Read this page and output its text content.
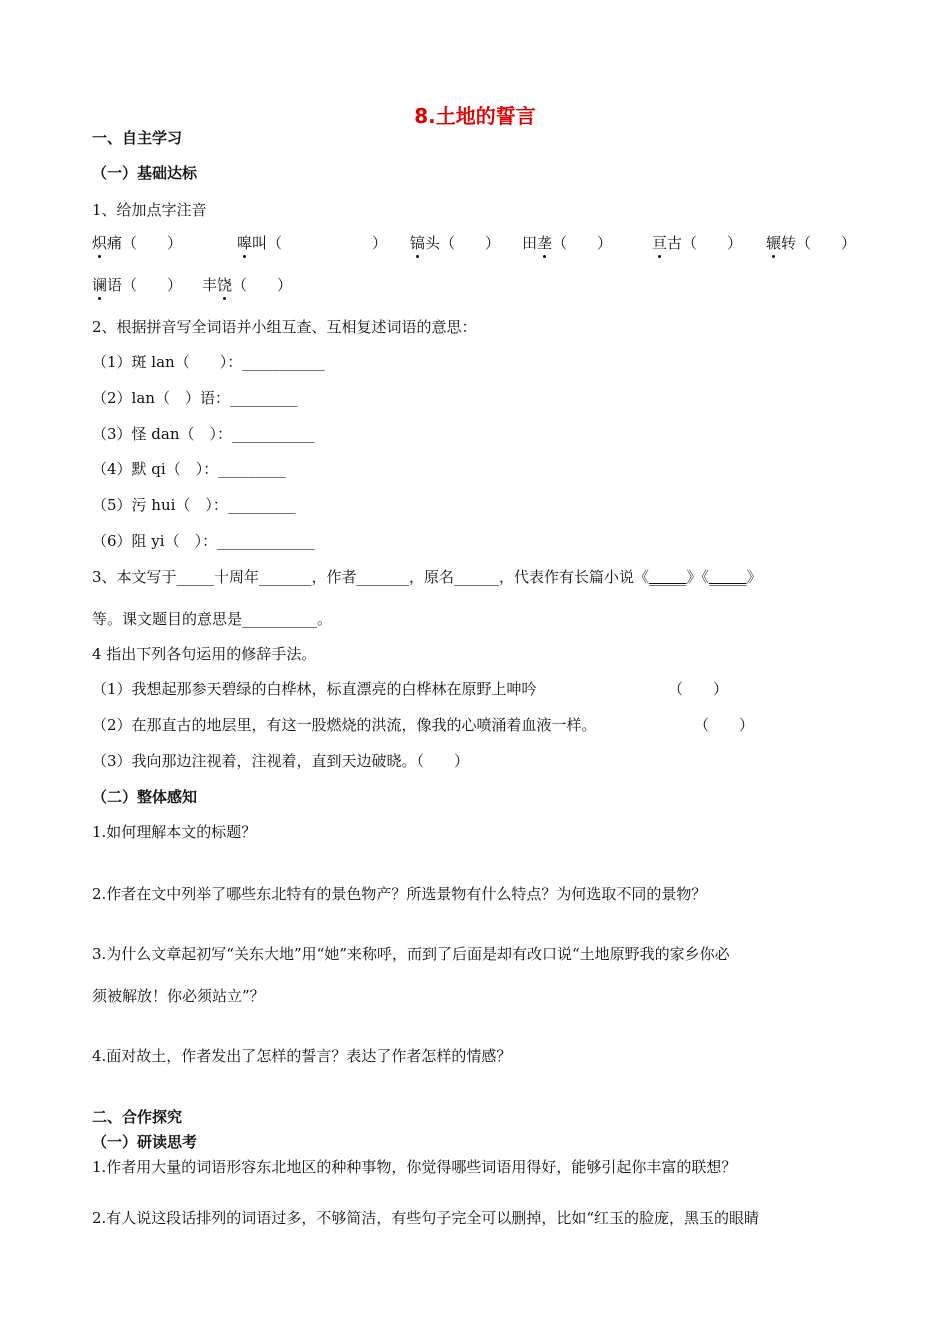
8.土地的誓言
一、自主学习
（一）基础达标
1、给加点字注音
炽痛（　　）	嗥叫（　　　　　　） 镐头（　　） 田垄（　　）	亘古（　　） 辗转（　　）
谰语（　　） 丰饶（　　）
2、根据拼音写全词语并小组互查、互相复述词语的意思：
（1）斑 lan（　　）：___________
（2）lan（　）语：_________
（3）怪 dan（　）：___________
（4）默 qi（　）：_________
（5）污 hui（　）：_________
（6）阻 yi（　）：_____________
3、本文写于_____十周年_______，作者_______，原名______，代表作有长篇小说《_____》《_____》
等。课文题目的意思是__________。
4 指出下列各句运用的修辞手法。
（1）我想起那参天碧绿的白桦林，标直漂亮的白桦林在原野上呻吟	（　　）
（2）在那直古的地层里，有这一股燃烧的洪流，像我的心喷涌着血液一样。	（　　）
（3）我向那边注视着，注视着，直到天边破晓。（　　）
（二）整体感知
1.如何理解本文的标题？
2.作者在文中列举了哪些东北特有的景色物产？所选景物有什么特点？为何选取不同的景物？
3.为什么文章起初写“关东大地”用“她”来称呼，而到了后面是却有改口说“土地原野我的家乡你必
须被解放！你必须站立”？
4.面对故土，作者发出了怎样的誓言？表达了作者怎样的情感？
二、合作探究
（一）研读思考
1.作者用大量的词语形容东北地区的种种事物，你觉得哪些词语用得好，能够引起你丰富的联想？
2.有人说这段话排列的词语过多，不够简洁，有些句子完全可以删掉，比如“红玉的脸庞，黑玉的眼睛
